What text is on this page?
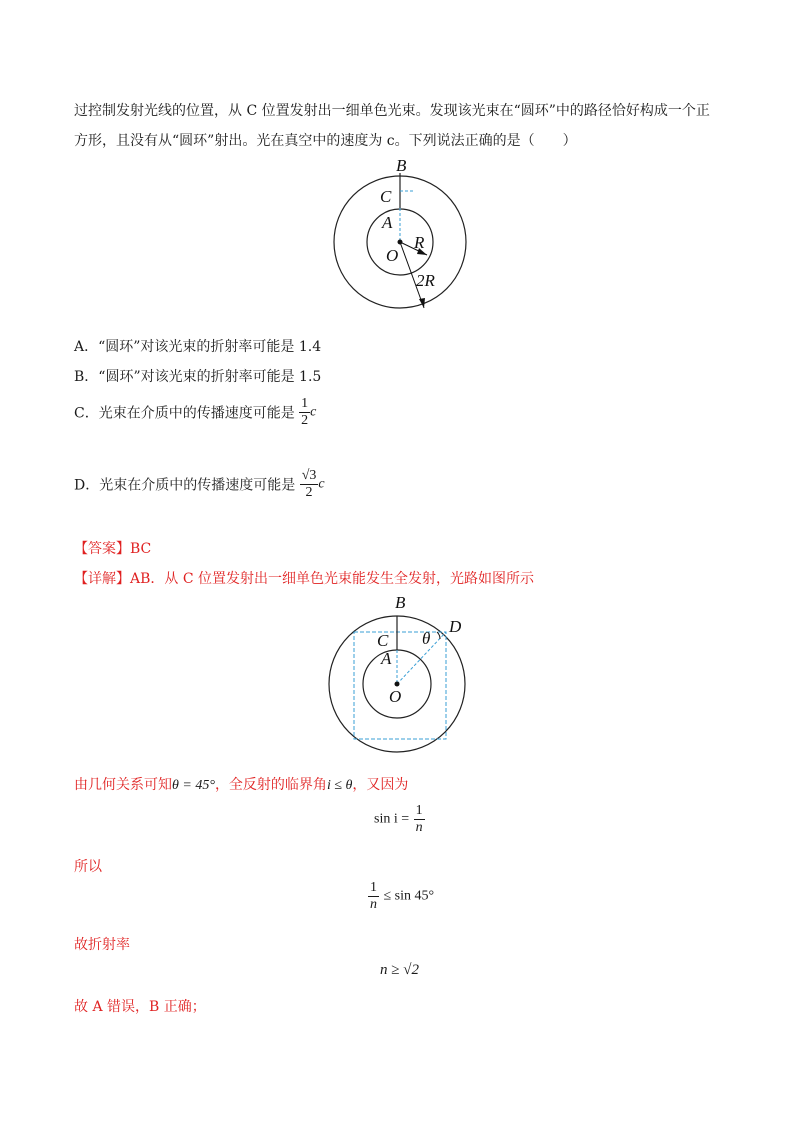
过控制发射光线的位置，从 C 位置发射出一细单色光束。发现该光束在“圆环”中的路径恰好构成一个正
方形，且没有从“圆环”射出。光在真空中的速度为 c。下列说法正确的是（　　）
B
C
A
R
O
2R
A．“圆环”对该光束的折射率可能是 1.4
B．“圆环”对该光束的折射率可能是 1.5
C．光束在介质中的传播速度可能是 $\frac{1}{2}$ c
D．光束在介质中的传播速度可能是 $\frac{√3}{2}$ c
【答案】BC
【详解】AB．从 C 位置发射出一细单色光束能发生全发射，光路如图所示
B
C
A
O
D
θ
由几何关系可知θ = 45°，全反射的临界角i ≤ θ，又因为
$\sin i = \frac{1}{n}$
所以
$\frac{1}{n} \le \sin 45^\circ$
故折射率
n ≥ √2
故 A 错误，B 正确；
